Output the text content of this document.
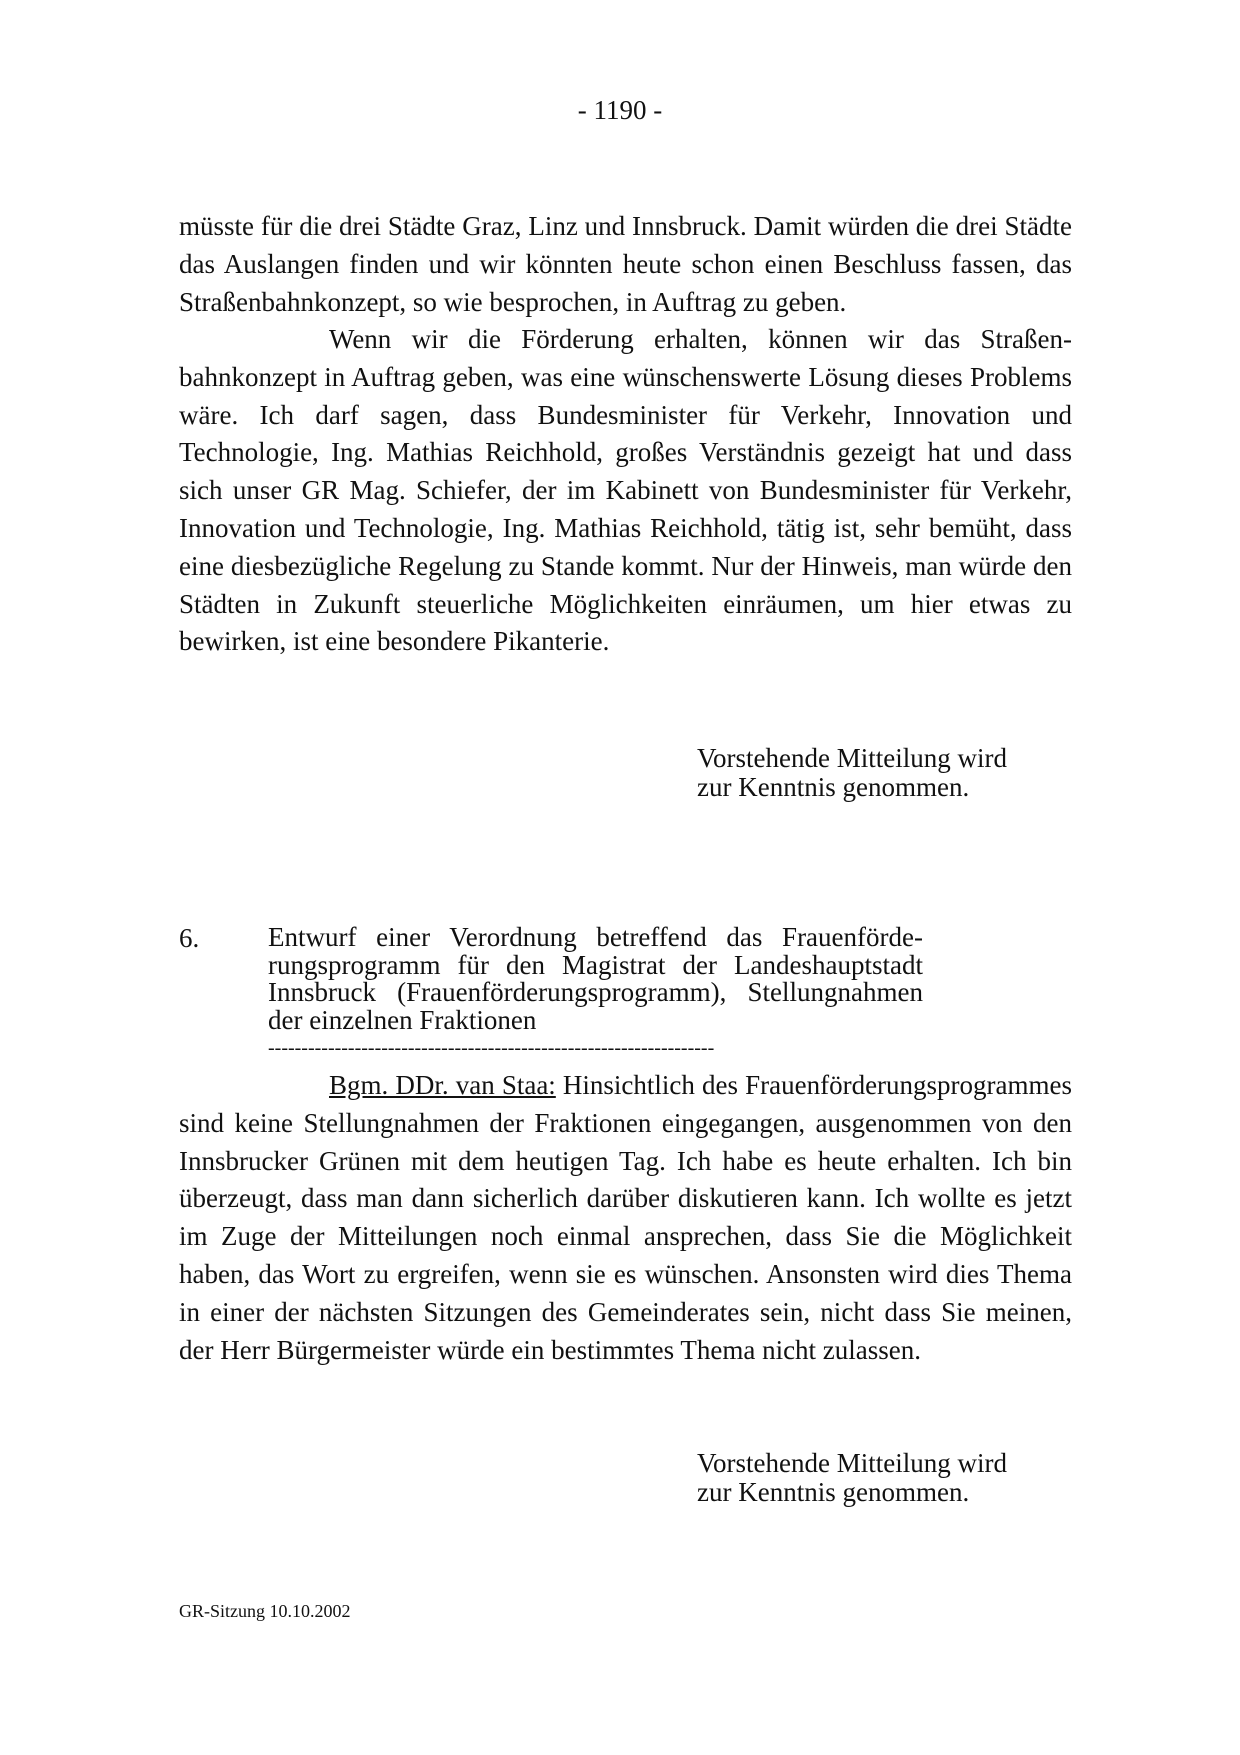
- 1190 -

müsste für die drei Städte Graz, Linz und Innsbruck. Damit würden die drei Städte das Auslangen finden und wir könnten heute schon einen Beschluss fassen, das Straßenbahnkonzept, so wie besprochen, in Auftrag zu geben.

Wenn wir die Förderung erhalten, können wir das Straßenbahnkonzept in Auftrag geben, was eine wünschenswerte Lösung dieses Problems wäre. Ich darf sagen, dass Bundesminister für Verkehr, Innovation und Technologie, Ing. Mathias Reichhold, großes Verständnis gezeigt hat und dass sich unser GR Mag. Schiefer, der im Kabinett von Bundesminister für Verkehr, Innovation und Technologie, Ing. Mathias Reichhold, tätig ist, sehr bemüht, dass eine diesbezügliche Regelung zu Stande kommt. Nur der Hinweis, man würde den Städten in Zukunft steuerliche Möglichkeiten einräumen, um hier etwas zu bewirken, ist eine besondere Pikanterie.

Vorstehende Mitteilung wird
zur Kenntnis genommen.
6.	Entwurf einer Verordnung betreffend das Frauenförderungsprogramm für den Magistrat der Landeshauptstadt Innsbruck (Frauenförderungsprogramm), Stellungnahmen der einzelnen Fraktionen
-------------------------------------------------------------------

Bgm. DDr. van Staa: Hinsichtlich des Frauenförderungsprogrammes sind keine Stellungnahmen der Fraktionen eingegangen, ausgenommen von den Innsbrucker Grünen mit dem heutigen Tag. Ich habe es heute erhalten. Ich bin überzeugt, dass man dann sicherlich darüber diskutieren kann. Ich wollte es jetzt im Zuge der Mitteilungen noch einmal ansprechen, dass Sie die Möglichkeit haben, das Wort zu ergreifen, wenn sie es wünschen. Ansonsten wird dies Thema in einer der nächsten Sitzungen des Gemeinderates sein, nicht dass Sie meinen, der Herr Bürgermeister würde ein bestimmtes Thema nicht zulassen.

Vorstehende Mitteilung wird
zur Kenntnis genommen.
GR-Sitzung 10.10.2002
